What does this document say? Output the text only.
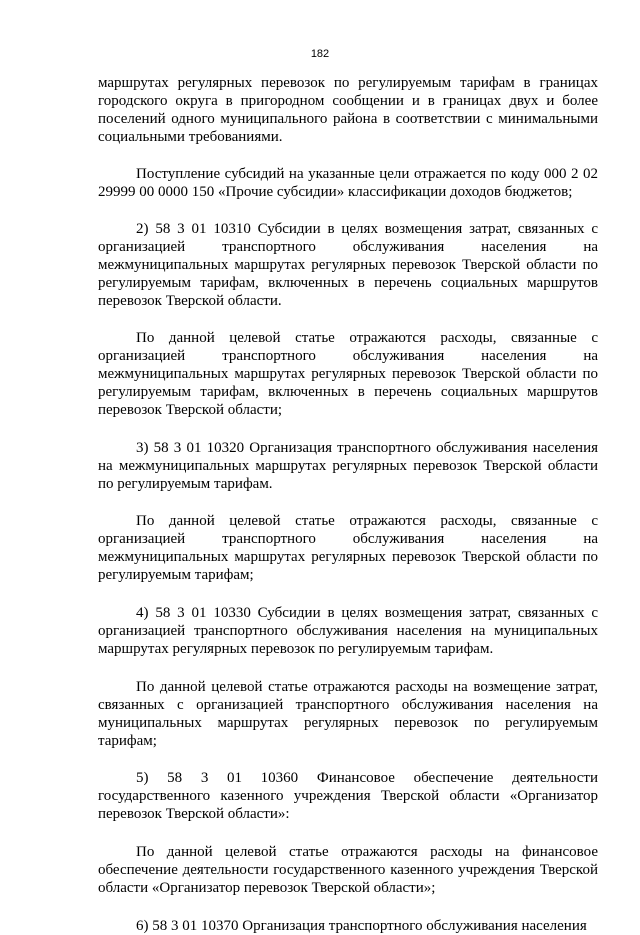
182

маршрутах регулярных перевозок по регулируемым тарифам в границах городского округа в пригородном сообщении и в границах двух и более поселений одного муниципального района в соответствии с минимальными социальными требованиями.

Поступление субсидий на указанные цели отражается по коду 000 2 02 29999 00 0000 150 «Прочие субсидии» классификации доходов бюджетов;

2) 58 3 01 10310 Субсидии в целях возмещения затрат, связанных с организацией транспортного обслуживания населения на межмуниципальных маршрутах регулярных перевозок Тверской области по регулируемым тарифам, включенных в перечень социальных маршрутов перевозок Тверской области.

По данной целевой статье отражаются расходы, связанные с организацией транспортного обслуживания населения на межмуниципальных маршрутах регулярных перевозок Тверской области по регулируемым тарифам, включенных в перечень социальных маршрутов перевозок Тверской области;

3) 58 3 01 10320 Организация транспортного обслуживания населения на межмуниципальных маршрутах регулярных перевозок Тверской области по регулируемым тарифам.

По данной целевой статье отражаются расходы, связанные с организацией транспортного обслуживания населения на межмуниципальных маршрутах регулярных перевозок Тверской области по регулируемым тарифам;

4) 58 3 01 10330 Субсидии в целях возмещения затрат, связанных с организацией транспортного обслуживания населения на муниципальных маршрутах регулярных перевозок по регулируемым тарифам.

По данной целевой статье отражаются расходы на возмещение затрат, связанных с организацией транспортного обслуживания населения на муниципальных маршрутах регулярных перевозок по регулируемым тарифам;

5) 58 3 01 10360 Финансовое обеспечение деятельности государственного казенного учреждения Тверской области «Организатор перевозок Тверской области»:

По данной целевой статье отражаются расходы на финансовое обеспечение деятельности государственного казенного учреждения Тверской области «Организатор перевозок Тверской области»;

6) 58 3 01 10370 Организация транспортного обслуживания населения
